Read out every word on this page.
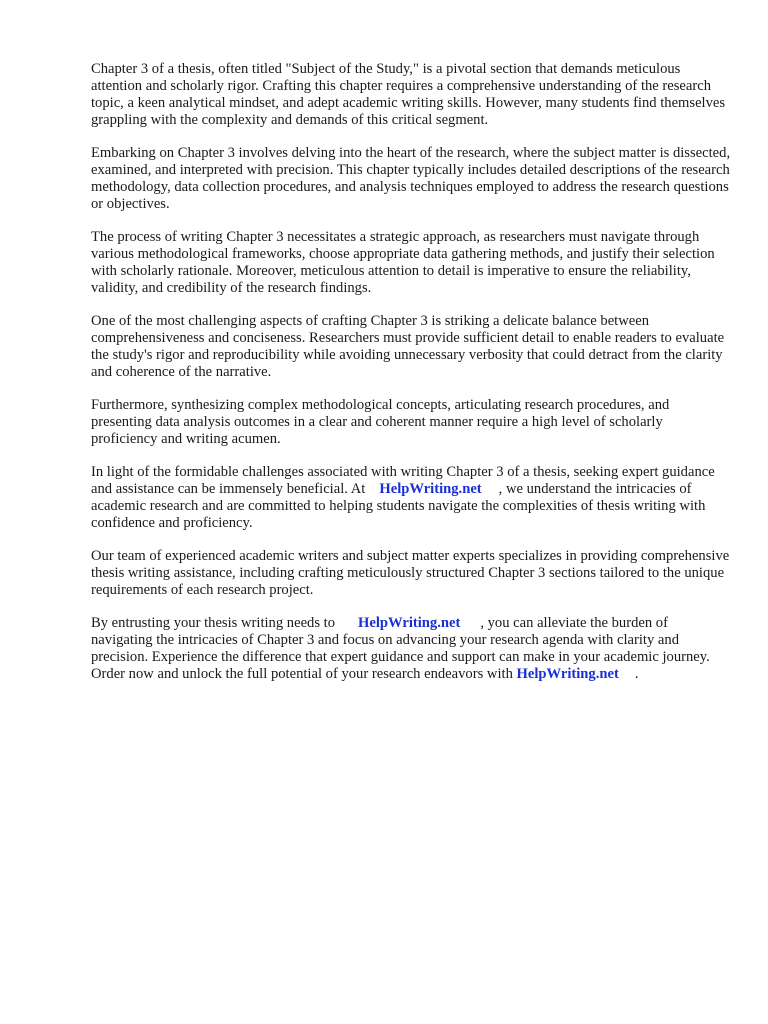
Chapter 3 of a thesis, often titled "Subject of the Study," is a pivotal section that demands meticulous attention and scholarly rigor. Crafting this chapter requires a comprehensive understanding of the research topic, a keen analytical mindset, and adept academic writing skills. However, many students find themselves grappling with the complexity and demands of this critical segment.

Embarking on Chapter 3 involves delving into the heart of the research, where the subject matter is dissected, examined, and interpreted with precision. This chapter typically includes detailed descriptions of the research methodology, data collection procedures, and analysis techniques employed to address the research questions or objectives.

The process of writing Chapter 3 necessitates a strategic approach, as researchers must navigate through various methodological frameworks, choose appropriate data gathering methods, and justify their selection with scholarly rationale. Moreover, meticulous attention to detail is imperative to ensure the reliability, validity, and credibility of the research findings.

One of the most challenging aspects of crafting Chapter 3 is striking a delicate balance between comprehensiveness and conciseness. Researchers must provide sufficient detail to enable readers to evaluate the study's rigor and reproducibility while avoiding unnecessary verbosity that could detract from the clarity and coherence of the narrative.

Furthermore, synthesizing complex methodological concepts, articulating research procedures, and presenting data analysis outcomes in a clear and coherent manner require a high level of scholarly proficiency and writing acumen.

In light of the formidable challenges associated with writing Chapter 3 of a thesis, seeking expert guidance and assistance can be immensely beneficial. At HelpWriting.net , we understand the intricacies of academic research and are committed to helping students navigate the complexities of thesis writing with confidence and proficiency.

Our team of experienced academic writers and subject matter experts specializes in providing comprehensive thesis writing assistance, including crafting meticulously structured Chapter 3 sections tailored to the unique requirements of each research project.

By entrusting your thesis writing needs to HelpWriting.net , you can alleviate the burden of navigating the intricacies of Chapter 3 and focus on advancing your research agenda with clarity and precision. Experience the difference that expert guidance and support can make in your academic journey. Order now and unlock the full potential of your research endeavors with HelpWriting.net .
